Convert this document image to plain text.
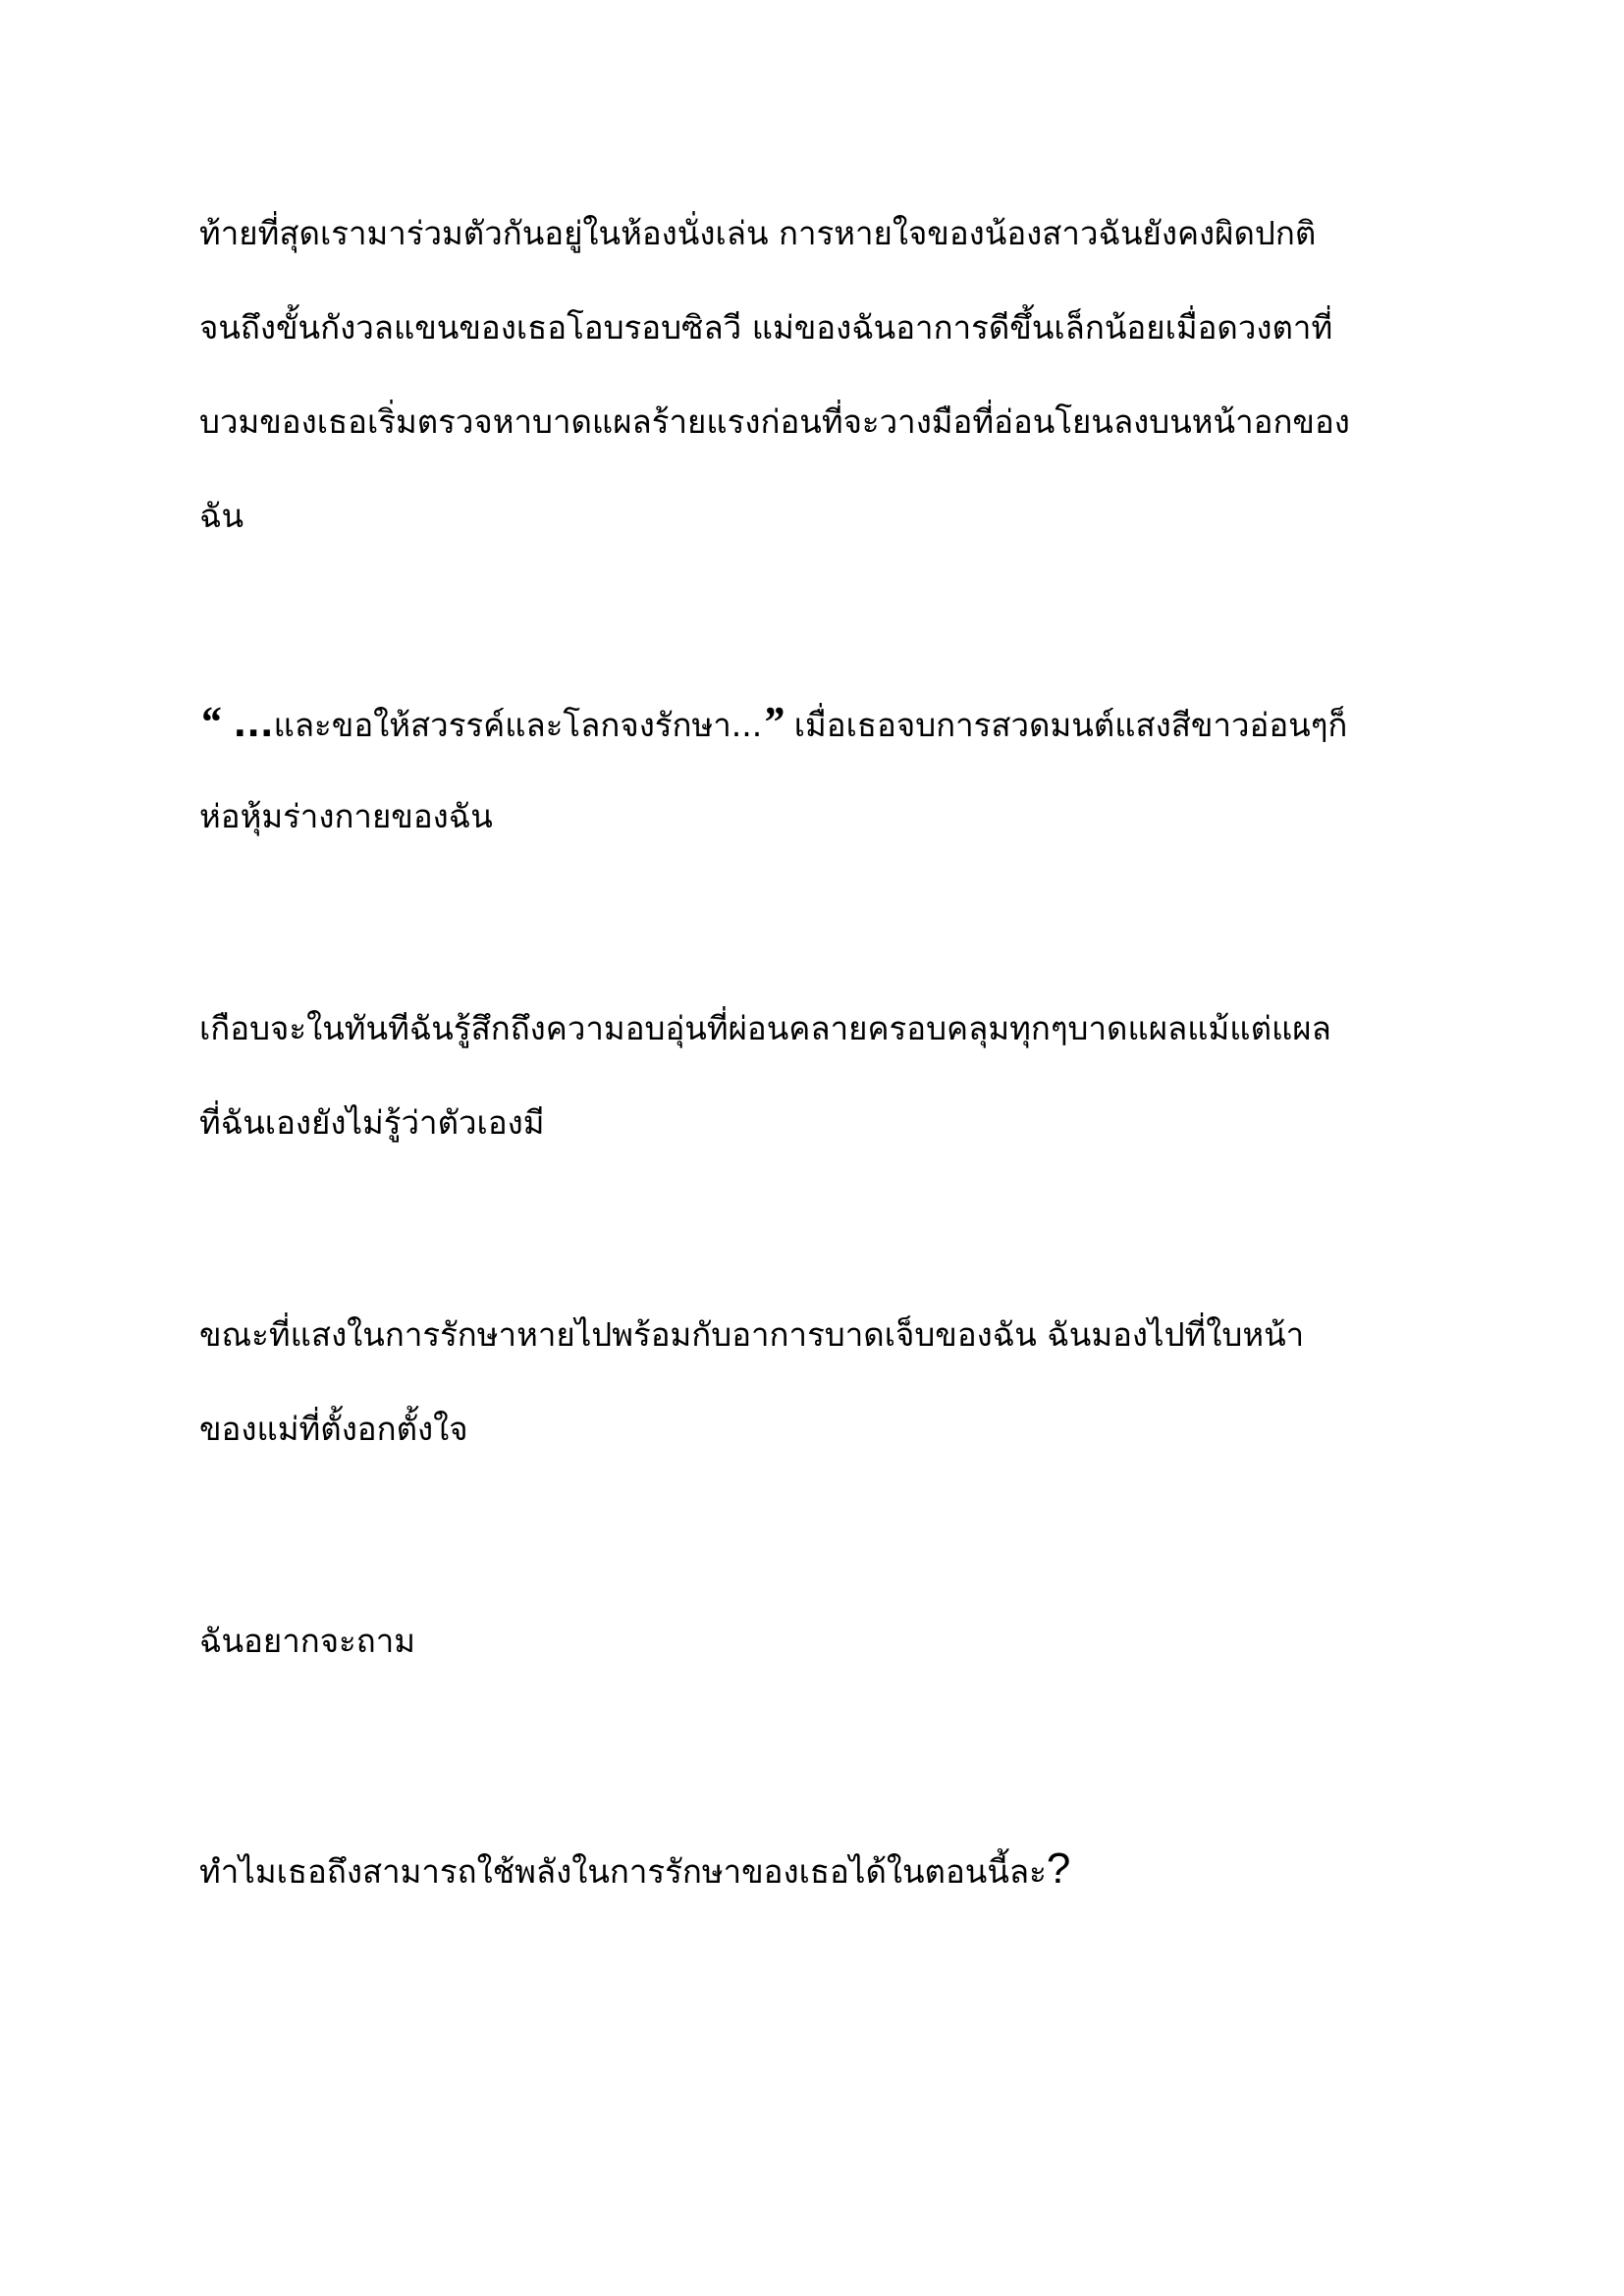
ท้ายที่สุดเรามาร่วมตัวกันอยู่ในห้องนั่งเล่น การหายใจของน้องสาวฉันยังคงผิดปกติ
จนถึงขั้นกังวลแขนของเธอโอบรอบซิลวี แม่ของฉันอาการดีขึ้นเล็กน้อยเมื่อดวงตาที่
บวมของเธอเริ่มตรวจหาบาดแผลร้ายแรงก่อนที่จะวางมือที่อ่อนโยนลงบนหน้าอกของ
ฉัน

“ ...และขอให้สวรรค์และโลกจงรักษา...” เมื่อเธอจบการสวดมนต์แสงสีขาวอ่อนๆก็
ห่อหุ้มร่างกายของฉัน

เกือบจะในทันทีฉันรู้สึกถึงความอบอุ่นที่ผ่อนคลายครอบคลุมทุกๆบาดแผลแม้แต่แผล
ที่ฉันเองยังไม่รู้ว่าตัวเองมี

ขณะที่แสงในการรักษาหายไปพร้อมกับอาการบาดเจ็บของฉัน ฉันมองไปที่ใบหน้า
ของแม่ที่ตั้งอกตั้งใจ

ฉันอยากจะถาม

ทำไมเธอถึงสามารถใช้พลังในการรักษาของเธอได้ในตอนนี้ละ?
